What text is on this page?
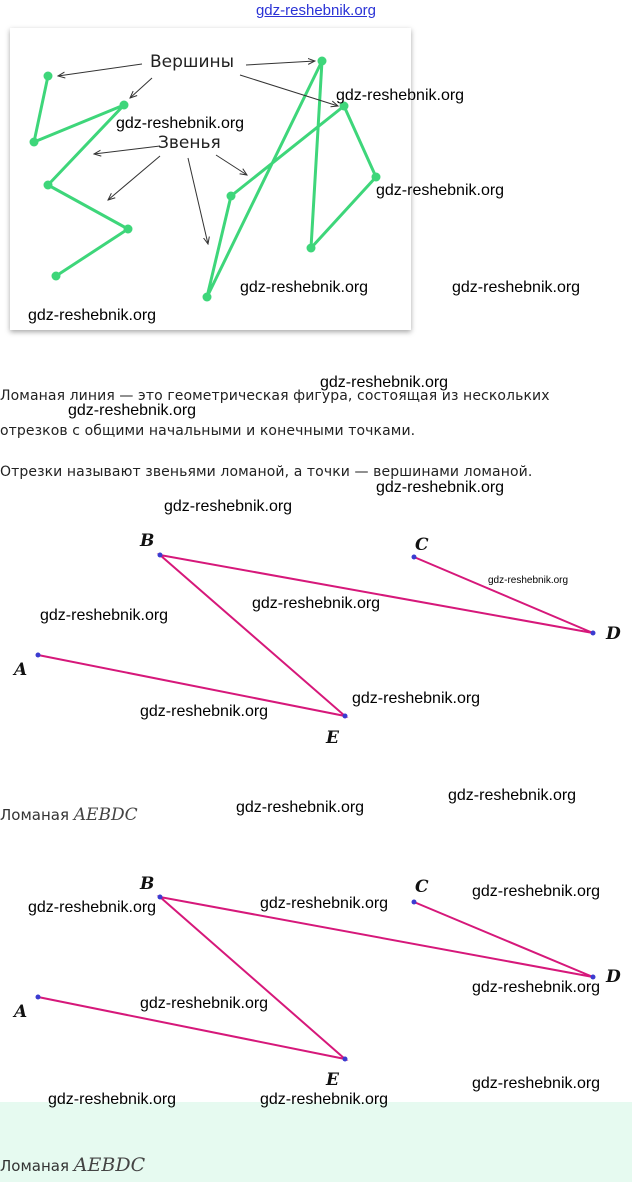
gdz-reshebnik.org
Вершины
Звенья
Ломаная линия — это геометрическая фигура, состоящая из нескольких
отрезков с общими начальными и конечными точками.
Отрезки называют звеньями ломаной, а точки — вершинами ломаной.
A
B	C
D
E
Ломаная AEBDC
A
B	C
D
E
Ломаная AEBDC
gdz-reshebnik.org
gdz-reshebnik.org
gdz-reshebnik.org
gdz-reshebnik.org	gdz-reshebnik.org
gdz-reshebnik.org
gdz-reshebnik.org
gdz-reshebnik.org
gdz-reshebnik.org
gdz-reshebnik.org
gdz-reshebnik.org
gdz-reshebnik.org
gdz-reshebnik.org
gdz-reshebnik.org
gdz-reshebnik.org
gdz-reshebnik.org
gdz-reshebnik.org
gdz-reshebnik.org
gdz-reshebnik.org
gdz-reshebnik.org
gdz-reshebnik.org
gdz-reshebnik.org
gdz-reshebnik.org
gdz-reshebnik.org	gdz-reshebnik.org
